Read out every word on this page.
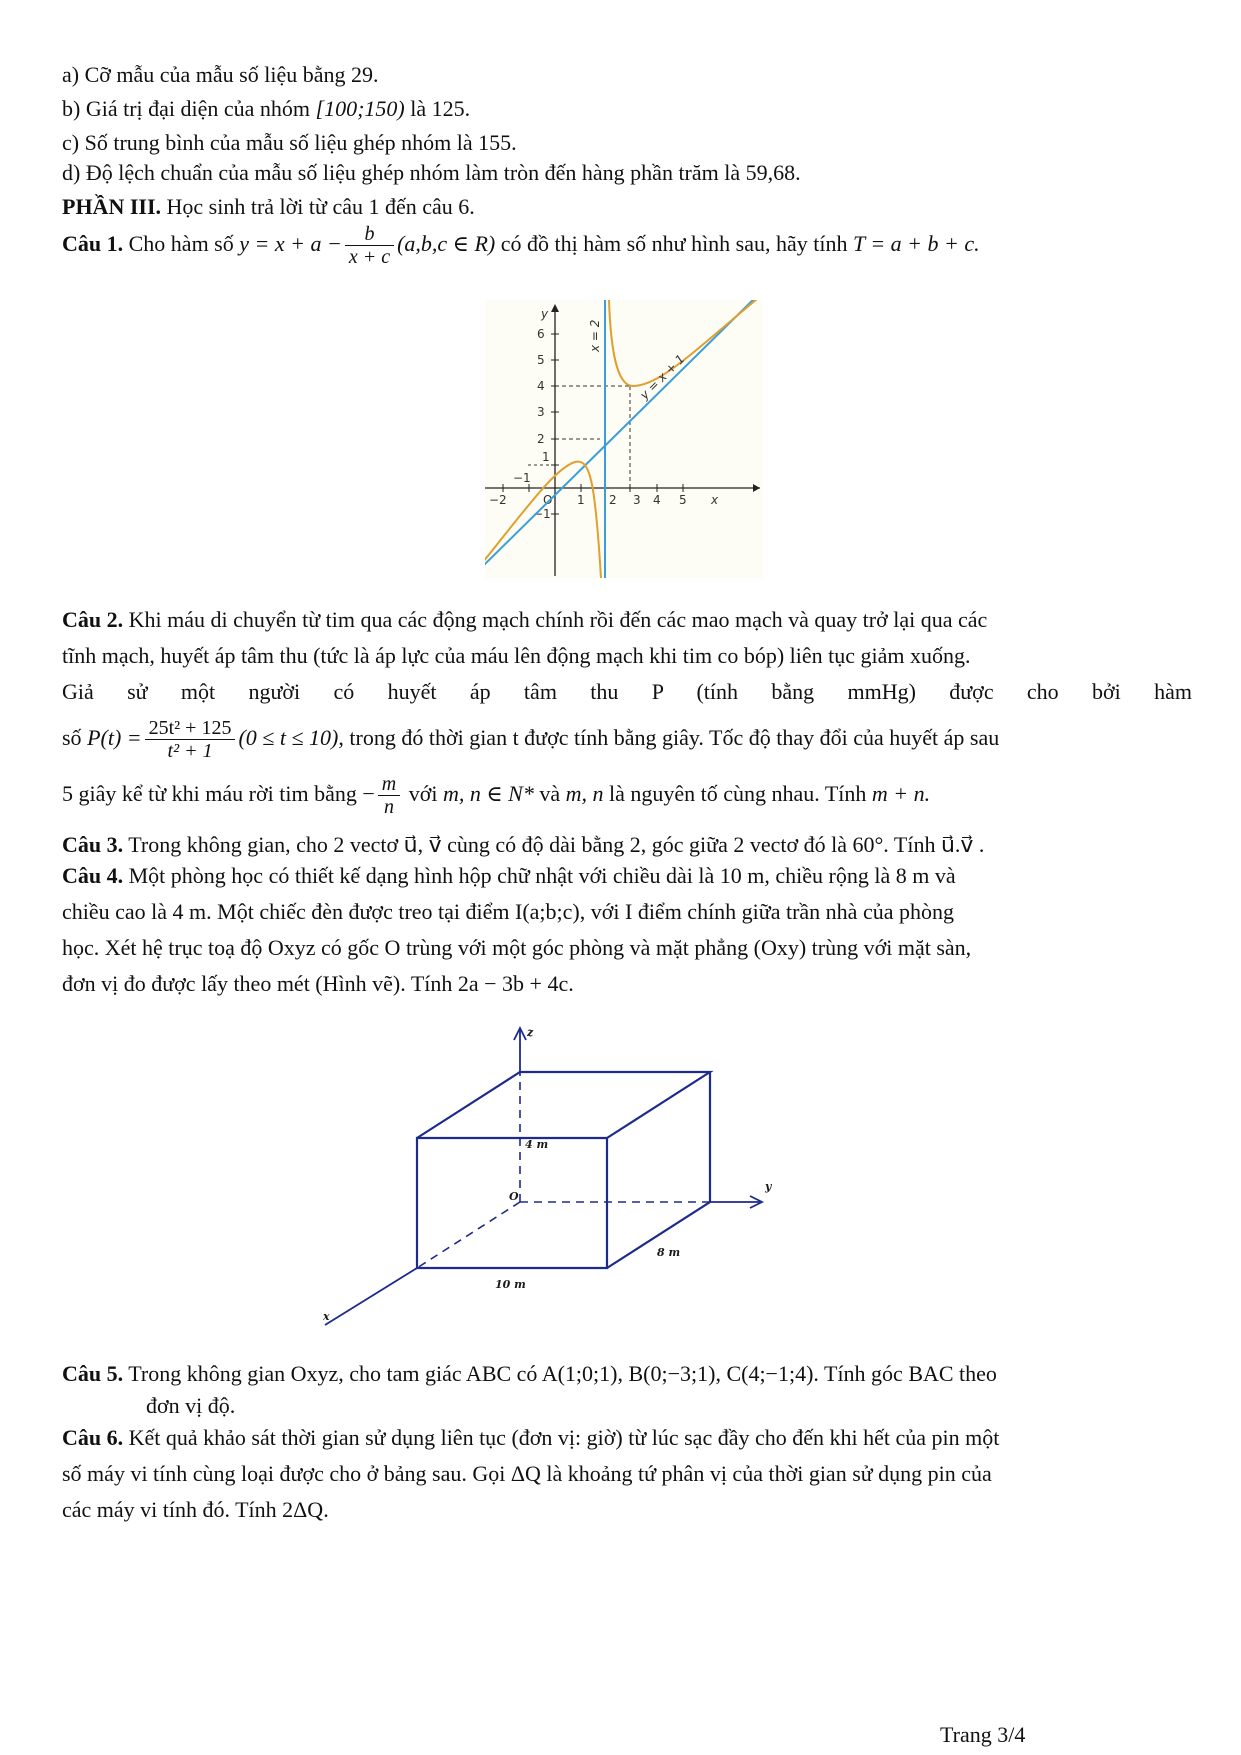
a) Cỡ mẫu của mẫu số liệu bằng 29.
b) Giá trị đại diện của nhóm [100;150) là 125.
c) Số trung bình của mẫu số liệu ghép nhóm là 155.
d) Độ lệch chuẩn của mẫu số liệu ghép nhóm làm tròn đến hàng phần trăm là 59,68.
PHẦN III. Học sinh trả lời từ câu 1 đến câu 6.
Câu 1. Cho hàm số $y = x + a - \frac{b}{x + c} (a,b,c$ ∈ R) có đồ thị hàm số như hình sau, hãy tính T = a + b + c.
6
5
4
3
2
1
−1
−2
−1
1 2 3 4 5
O	x
y
x = 2
y = x + 1
Câu 2. Khi máu di chuyển từ tim qua các động mạch chính rồi đến các mao mạch và quay trở lại qua các
tĩnh mạch, huyết áp tâm thu (tức là áp lực của máu lên động mạch khi tim co bóp) liên tục giảm xuống.
Giả sử một người có huyết áp tâm thu P (tính bằng mmHg) được cho bởi hàm
số $P(t) = \frac{\text{25t² + 125}}{\text{t² + 1}} (0 \le t \le 10)$, trong đó thời gian t được tính bằng giây. Tốc độ thay đổi của huyết áp sau
5 giây kể từ khi máu rời tim bằng − $\frac{m}{n}$ với m, n ∈ N* và m, n là nguyên tố cùng nhau. Tính m + n.
Câu 3. Trong không gian, cho 2 vectơ u⃗, v⃗ cùng có độ dài bằng 2, góc giữa 2 vectơ đó là 60°. Tính u⃗.v⃗ .
Câu 4. Một phòng học có thiết kế dạng hình hộp chữ nhật với chiều dài là 10 m, chiều rộng là 8 m và
chiều cao là 4 m. Một chiếc đèn được treo tại điểm I(a;b;c), với I điểm chính giữa trần nhà của phòng
học. Xét hệ trục toạ độ Oxyz có gốc O trùng với một góc phòng và mặt phẳng (Oxy) trùng với mặt sàn,
đơn vị đo được lấy theo mét (Hình vẽ). Tính 2a − 3b + 4c.
z
y
x
O
4 m
8 m
10 m
Câu 5. Trong không gian Oxyz, cho tam giác ABC có A(1;0;1), B(0;−3;1), C(4;−1;4). Tính góc BAC theo
đơn vị độ.
Câu 6. Kết quả khảo sát thời gian sử dụng liên tục (đơn vị: giờ) từ lúc sạc đầy cho đến khi hết của pin một
số máy vi tính cùng loại được cho ở bảng sau. Gọi ΔQ là khoảng tứ phân vị của thời gian sử dụng pin của
các máy vi tính đó. Tính 2ΔQ.
Trang 3/4
